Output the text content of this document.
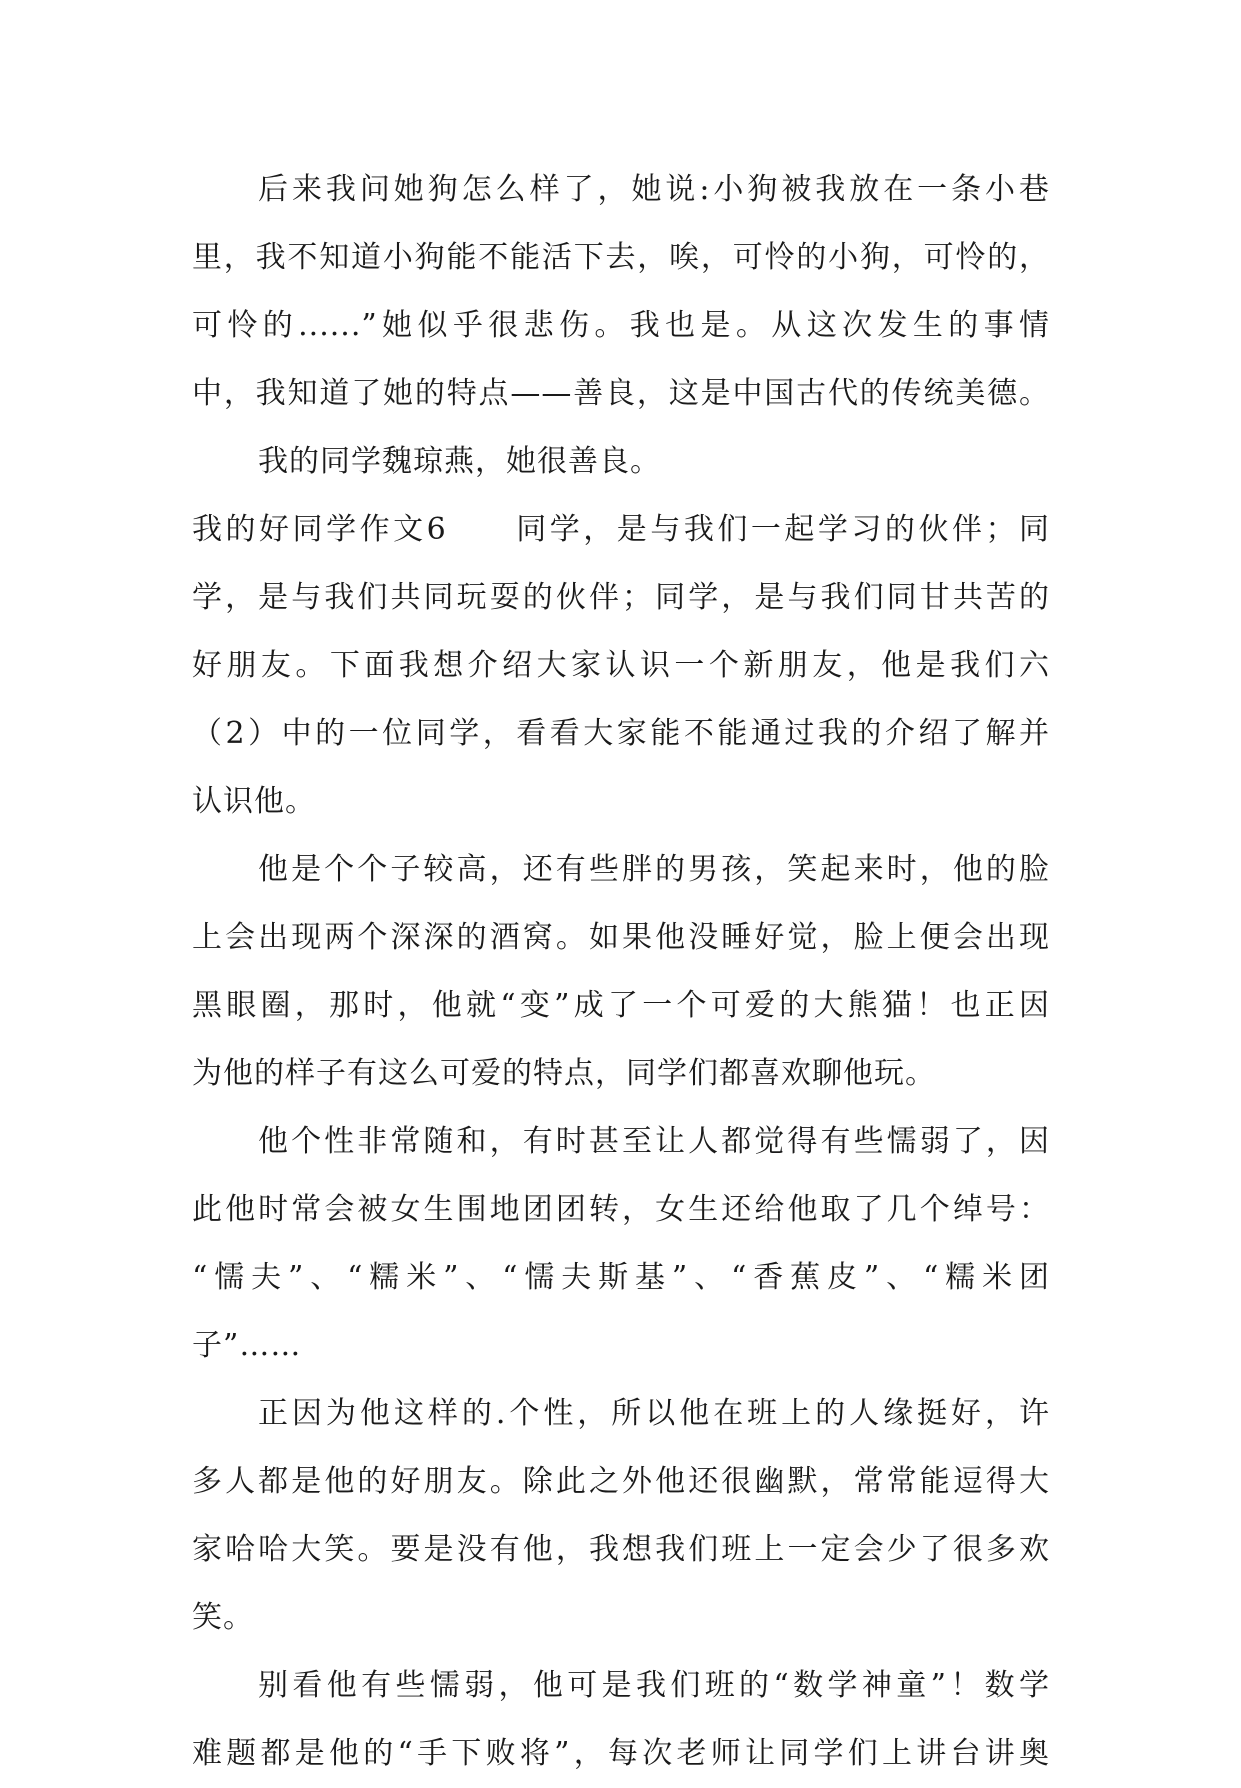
后来我问她狗怎么样了，她说:小狗被我放在一条小巷
里，我不知道小狗能不能活下去，唉，可怜的小狗，可怜的，
可怜的......”她似乎很悲伤。我也是。从这次发生的事情
中，我知道了她的特点——善良，这是中国古代的传统美德。
我的同学魏琼燕，她很善良。
我的好同学作文6　　同学，是与我们一起学习的伙伴；同
学，是与我们共同玩耍的伙伴；同学，是与我们同甘共苦的
好朋友。下面我想介绍大家认识一个新朋友，他是我们六
（2）中的一位同学，看看大家能不能通过我的介绍了解并
认识他。
他是个个子较高，还有些胖的男孩，笑起来时，他的脸
上会出现两个深深的酒窝。如果他没睡好觉，脸上便会出现
黑眼圈，那时，他就“变”成了一个可爱的大熊猫！也正因
为他的样子有这么可爱的特点，同学们都喜欢聊他玩。
他个性非常随和，有时甚至让人都觉得有些懦弱了，因
此他时常会被女生围地团团转，女生还给他取了几个绰号：
“懦夫”、“糯米”、“懦夫斯基”、“香蕉皮”、“糯米团
子”……
正因为他这样的.个性，所以他在班上的人缘挺好，许
多人都是他的好朋友。除此之外他还很幽默，常常能逗得大
家哈哈大笑。要是没有他，我想我们班上一定会少了很多欢
笑。
别看他有些懦弱，他可是我们班的“数学神童”！数学
难题都是他的“手下败将”，每次老师让同学们上讲台讲奥
